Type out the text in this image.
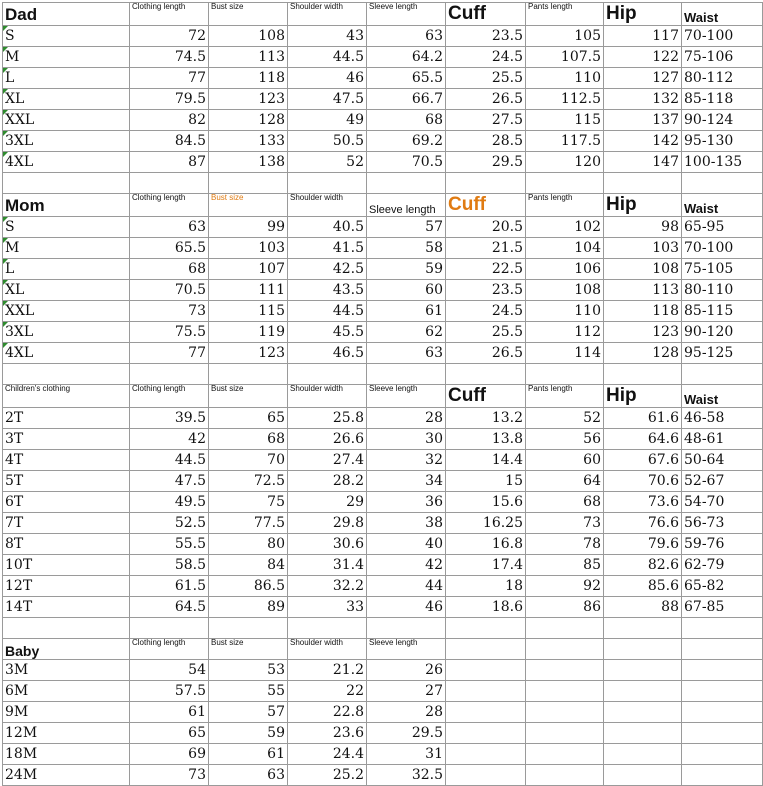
Dad	Clothing length	Bust size	Shoulder width	Sleeve length	Cuff	Pants length	Hip	Waist
S	72	108	43	63	23.5	105	117	70-100
M	74.5	113	44.5	64.2	24.5	107.5	122	75-106
L	77	118	46	65.5	25.5	110	127	80-112
XL	79.5	123	47.5	66.7	26.5	112.5	132	85-118
XXL	82	128	49	68	27.5	115	137	90-124
3XL	84.5	133	50.5	69.2	28.5	117.5	142	95-130
4XL	87	138	52	70.5	29.5	120	147	100-135

Mom	Clothing length	Bust size	Shoulder width	Sleeve length	Cuff	Pants length	Hip	Waist
S	63	99	40.5	57	20.5	102	98	65-95
M	65.5	103	41.5	58	21.5	104	103	70-100
L	68	107	42.5	59	22.5	106	108	75-105
XL	70.5	111	43.5	60	23.5	108	113	80-110
XXL	73	115	44.5	61	24.5	110	118	85-115
3XL	75.5	119	45.5	62	25.5	112	123	90-120
4XL	77	123	46.5	63	26.5	114	128	95-125

Children's clothing	Clothing length	Bust size	Shoulder width	Sleeve length	Cuff	Pants length	Hip	Waist
2T	39.5	65	25.8	28	13.2	52	61.6	46-58
3T	42	68	26.6	30	13.8	56	64.6	48-61
4T	44.5	70	27.4	32	14.4	60	67.6	50-64
5T	47.5	72.5	28.2	34	15	64	70.6	52-67
6T	49.5	75	29	36	15.6	68	73.6	54-70
7T	52.5	77.5	29.8	38	16.25	73	76.6	56-73
8T	55.5	80	30.6	40	16.8	78	79.6	59-76
10T	58.5	84	31.4	42	17.4	85	82.6	62-79
12T	61.5	86.5	32.2	44	18	92	85.6	65-82
14T	64.5	89	33	46	18.6	86	88	67-85

Baby	Clothing length	Bust size	Shoulder width	Sleeve length				
3M	54	53	21.2	26				
6M	57.5	55	22	27				
9M	61	57	22.8	28				
12M	65	59	23.6	29.5				
18M	69	61	24.4	31				
24M	73	63	25.2	32.5				
